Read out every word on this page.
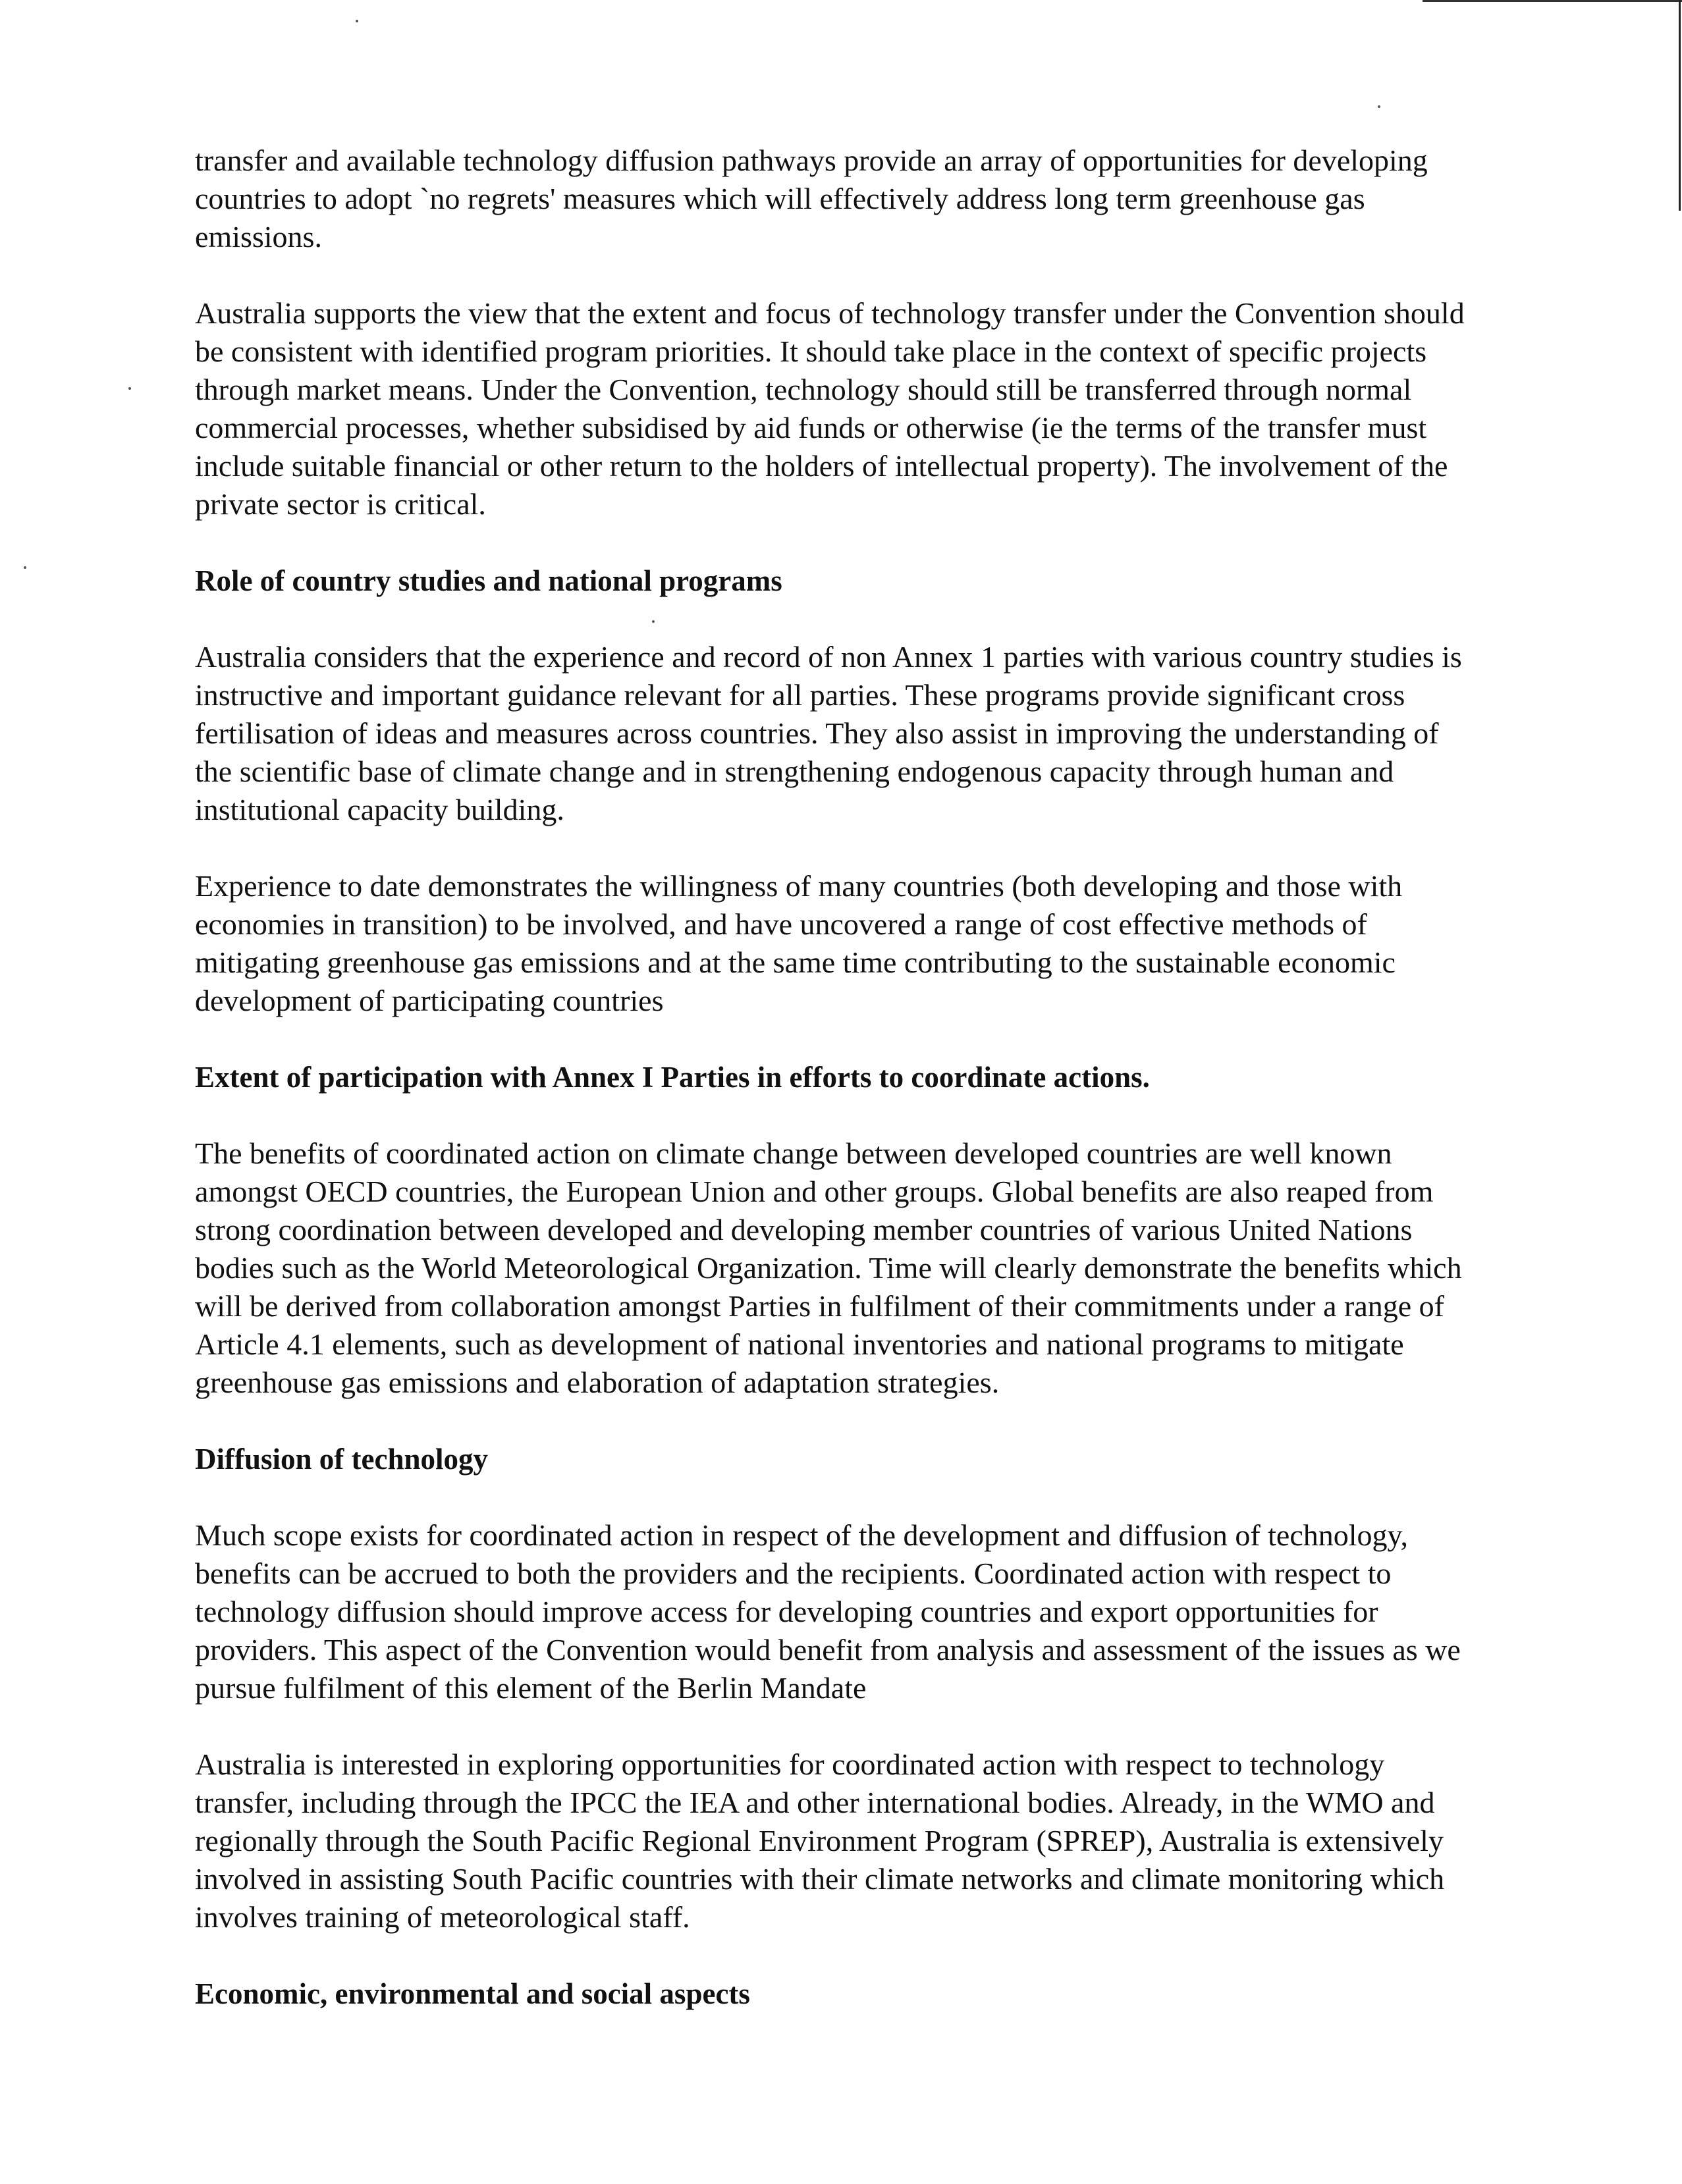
transfer and available technology diffusion pathways provide an array of opportunities for developing countries to adopt `no regrets' measures which will effectively address long term greenhouse gas emissions.

Australia supports the view that the extent and focus of technology transfer under the Convention should be consistent with identified program priorities. It should take place in the context of specific projects through market means. Under the Convention, technology should still be transferred through normal commercial processes, whether subsidised by aid funds or otherwise (ie the terms of the transfer must include suitable financial or other return to the holders of intellectual property). The involvement of the private sector is critical.

Role of country studies and national programs

Australia considers that the experience and record of non Annex 1 parties with various country studies is instructive and important guidance relevant for all parties. These programs provide significant cross fertilisation of ideas and measures across countries. They also assist in improving the understanding of the scientific base of climate change and in strengthening endogenous capacity through human and institutional capacity building.

Experience to date demonstrates the willingness of many countries (both developing and those with economies in transition) to be involved, and have uncovered a range of cost effective methods of mitigating greenhouse gas emissions and at the same time contributing to the sustainable economic development of participating countries

Extent of participation with Annex I Parties in efforts to coordinate actions.

The benefits of coordinated action on climate change between developed countries are well known amongst OECD countries, the European Union and other groups. Global benefits are also reaped from strong coordination between developed and developing member countries of various United Nations bodies such as the World Meteorological Organization. Time will clearly demonstrate the benefits which will be derived from collaboration amongst Parties in fulfilment of their commitments under a range of Article 4.1 elements, such as development of national inventories and national programs to mitigate greenhouse gas emissions and elaboration of adaptation strategies.

Diffusion of technology

Much scope exists for coordinated action in respect of the development and diffusion of technology, benefits can be accrued to both the providers and the recipients. Coordinated action with respect to technology diffusion should improve access for developing countries and export opportunities for providers. This aspect of the Convention would benefit from analysis and assessment of the issues as we pursue fulfilment of this element of the Berlin Mandate

Australia is interested in exploring opportunities for coordinated action with respect to technology transfer, including through the IPCC the IEA and other international bodies. Already, in the WMO and regionally through the South Pacific Regional Environment Program (SPREP), Australia is extensively involved in assisting South Pacific countries with their climate networks and climate monitoring which involves training of meteorological staff.

Economic, environmental and social aspects
